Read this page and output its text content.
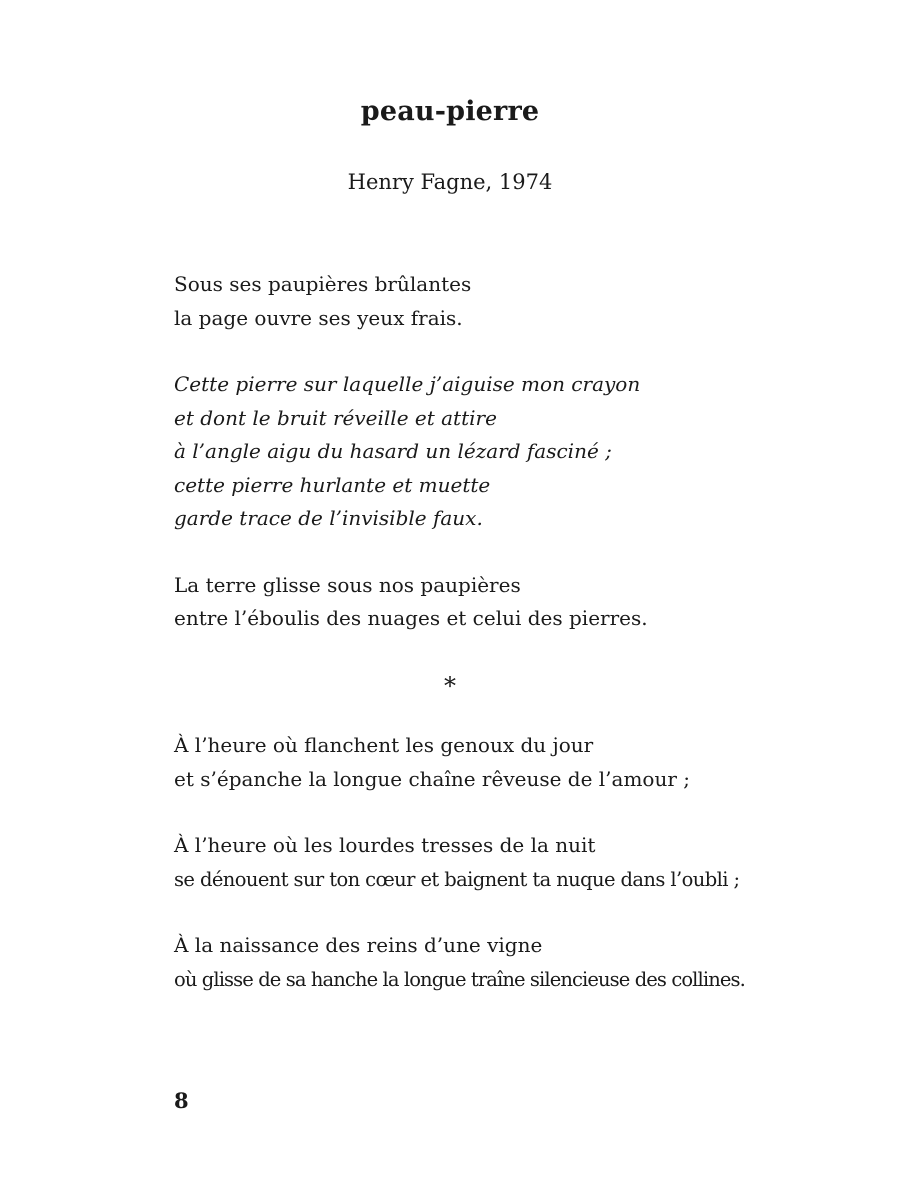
peau-pierre

Henry Fagne, 1974

Sous ses paupières brûlantes
la page ouvre ses yeux frais.
Cette pierre sur laquelle j’aiguise mon crayon
et dont le bruit réveille et attire
à l’angle aigu du hasard un lézard fasciné ;
cette pierre hurlante et muette
garde trace de l’invisible faux.
La terre glisse sous nos paupières
entre l’éboulis des nuages et celui des pierres.

*

À l’heure où flanchent les genoux du jour
et s’épanche la longue chaîne rêveuse de l’amour ;
À l’heure où les lourdes tresses de la nuit
se dénouent sur ton cœur et baignent ta nuque dans l’oubli ;
À la naissance des reins d’une vigne
où glisse de sa hanche la longue traîne silencieuse des collines.

8
